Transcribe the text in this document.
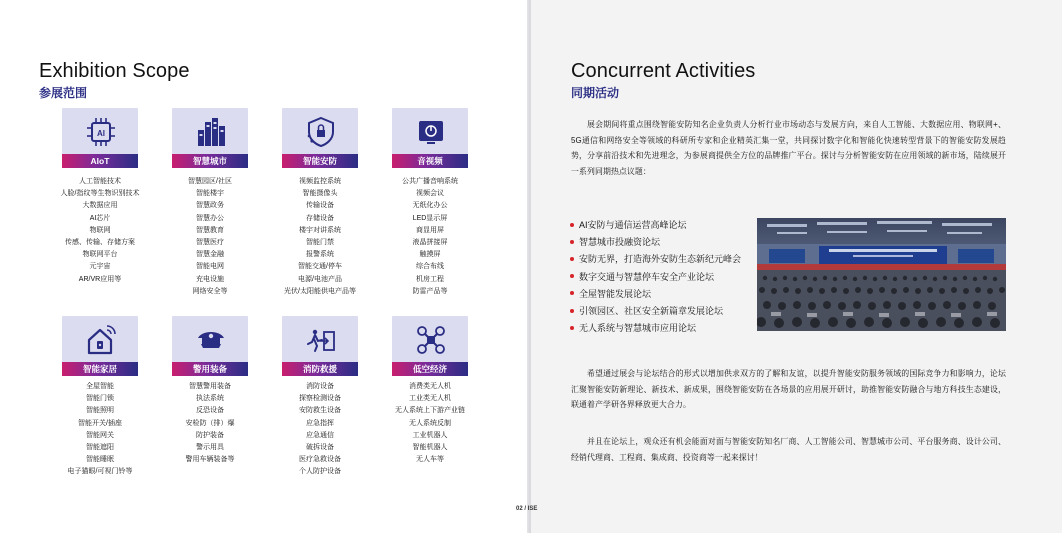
Exhibition Scope
参展范围
AI
AIoT	智慧城市	智能安防	音视频
人工智能技术
人脸/指纹等生物识别技术
大数据应用
AI芯片
物联网
传感、传输、存储方案
物联网平台
元宇宙
AR/VR应用等
智慧园区/社区
智能楼宇
智慧政务
智慧办公
智慧教育
智慧医疗
智慧金融
智能电网
充电设施
网络安全等
视频监控系统
智能摄像头
传输设备
存储设备
楼宇对讲系统
智能门禁
报警系统
智能交通/停车
电源/电池产品
光伏/太阳能供电产品等
公共广播音响系统
视频会议
无纸化办公
LED显示屏
商显用屏
液晶拼接屏
触摸屏
综合布线
机房工程
防雷产品等
智能家居	警用装备	消防救援	低空经济
全屋智能
智能门锁
智能照明
智能开关/插座
智能网关
智能遮阳
智能睡眠
电子猫眼/可视门铃等
智慧警用装备
执法系统
反恐设备
安检防（排）爆
防护装备
警示用具
警用车辆装备等
消防设备
探察检测设备
安防救生设备
应急指挥
应急通信
破拆设备
医疗急救设备
个人防护设备
消费类无人机
工业类无人机
无人系统上下游产业链
无人系统反制
工业机器人
智能机器人
无人车等
Concurrent Activities
同期活动
展会期间将重点围绕智能安防知名企业负责人分析行业市场动态与发展方向，来自人工智能、大数据应用、物联网+、5G通信和网络安全等领域的科研所专家和企业精英汇集一堂，共同探讨数字化和智能化快速转型背景下的智能安防发展趋势，分享前沿技术和先进理念，为参展商提供全方位的品牌推广平台。探讨与分析智能安防在应用领域的新市场，陆续展开一系列同期热点议题：
AI安防与通信运营高峰论坛
智慧城市投融资论坛
安防无界，打造海外安防生态新纪元峰会
数字交通与智慧停车安全产业论坛
全屋智能发展论坛
引领园区、社区安全新篇章发展论坛
无人系统与智慧城市应用论坛
希望通过展会与论坛结合的形式以增加供求双方的了解和友谊，以提升智能安防服务领域的国际竞争力和影响力，论坛汇聚智能安防新理论、新技术、新成果，围绕智能安防在各场景的应用展开研讨，助推智能安防融合与地方科技生态建设，联通着产学研各界释放更大合力。
并且在论坛上，观众还有机会能面对面与智能安防知名厂商、人工智能公司、智慧城市公司、平台服务商、设计公司、经销代理商、工程商、集成商、投资商等一起来探讨！
02 / ISE
